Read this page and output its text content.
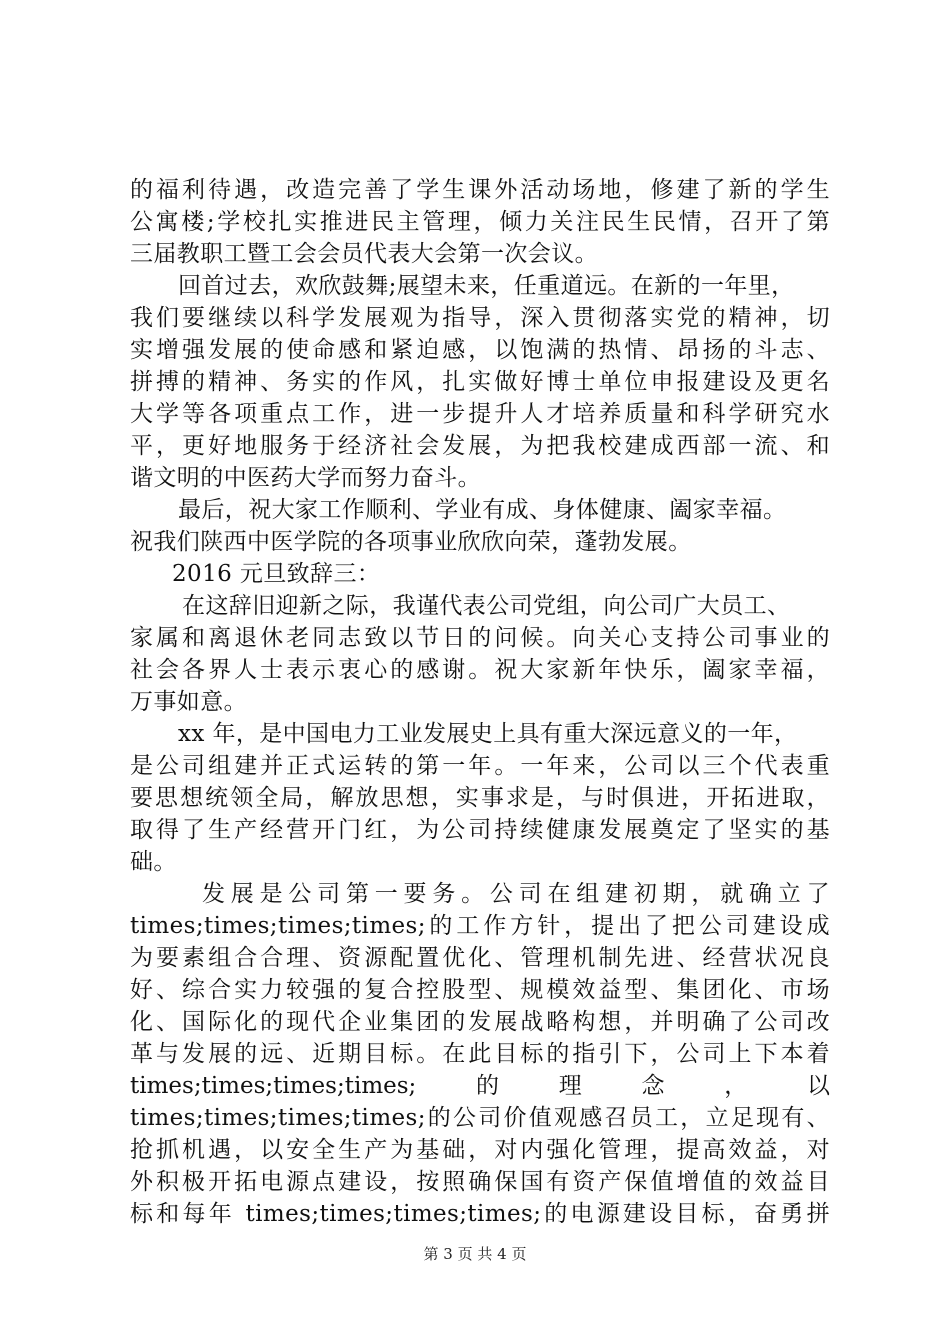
的福利待遇，改造完善了学生课外活动场地，修建了新的学生
公寓楼;学校扎实推进民主管理，倾力关注民生民情，召开了第
三届教职工暨工会会员代表大会第一次会议。
回首过去，欢欣鼓舞;展望未来，任重道远。在新的一年里，
我们要继续以科学发展观为指导，深入贯彻落实党的精神，切
实增强发展的使命感和紧迫感，以饱满的热情、昂扬的斗志、
拼搏的精神、务实的作风，扎实做好博士单位申报建设及更名
大学等各项重点工作，进一步提升人才培养质量和科学研究水
平，更好地服务于经济社会发展，为把我校建成西部一流、和
谐文明的中医药大学而努力奋斗。
最后，祝大家工作顺利、学业有成、身体健康、阖家幸福。
祝我们陕西中医学院的各项事业欣欣向荣，蓬勃发展。
2016 元旦致辞三：
在这辞旧迎新之际，我谨代表公司党组，向公司广大员工、
家属和离退休老同志致以节日的问候。向关心支持公司事业的
社会各界人士表示衷心的感谢。祝大家新年快乐，阖家幸福，
万事如意。
xx 年，是中国电力工业发展史上具有重大深远意义的一年，
是公司组建并正式运转的第一年。一年来，公司以三个代表重
要思想统领全局，解放思想，实事求是，与时俱进，开拓进取，
取得了生产经营开门红，为公司持续健康发展奠定了坚实的基
础。
发展是公司第一要务。公司在组建初期，就确立了
times;times;times;times;的工作方针，提出了把公司建设成
为要素组合合理、资源配置优化、管理机制先进、经营状况良
好、综合实力较强的复合控股型、规模效益型、集团化、市场
化、国际化的现代企业集团的发展战略构想，并明确了公司改
革与发展的远、近期目标。在此目标的指引下，公司上下本着
times;times;times;times;	的	理	念	，	以
times;times;times;times;的公司价值观感召员工，立足现有、
抢抓机遇，以安全生产为基础，对内强化管理，提高效益，对
外积极开拓电源点建设，按照确保国有资产保值增值的效益目
标和每年 times;times;times;times;的电源建设目标，奋勇拼
第 3 页 共 4 页
